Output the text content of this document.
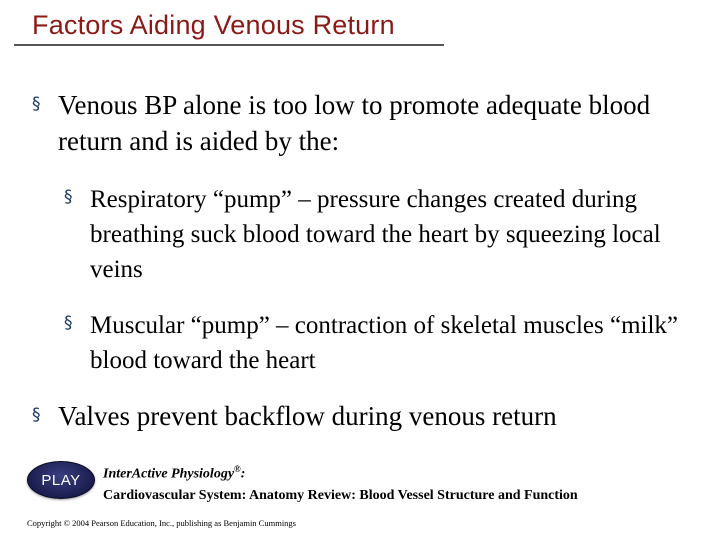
Factors Aiding Venous Return
§ Venous BP alone is too low to promote adequate blood return and is aided by the:

§ Respiratory “pump” – pressure changes created during breathing suck blood toward the heart by squeezing local veins

§ Muscular “pump” – contraction of skeletal muscles “milk” blood toward the heart

§ Valves prevent backflow during venous return

PLAY InterActive Physiology®:
Cardiovascular System: Anatomy Review: Blood Vessel Structure and Function
Copyright © 2004 Pearson Education, Inc., publishing as Benjamin Cummings
